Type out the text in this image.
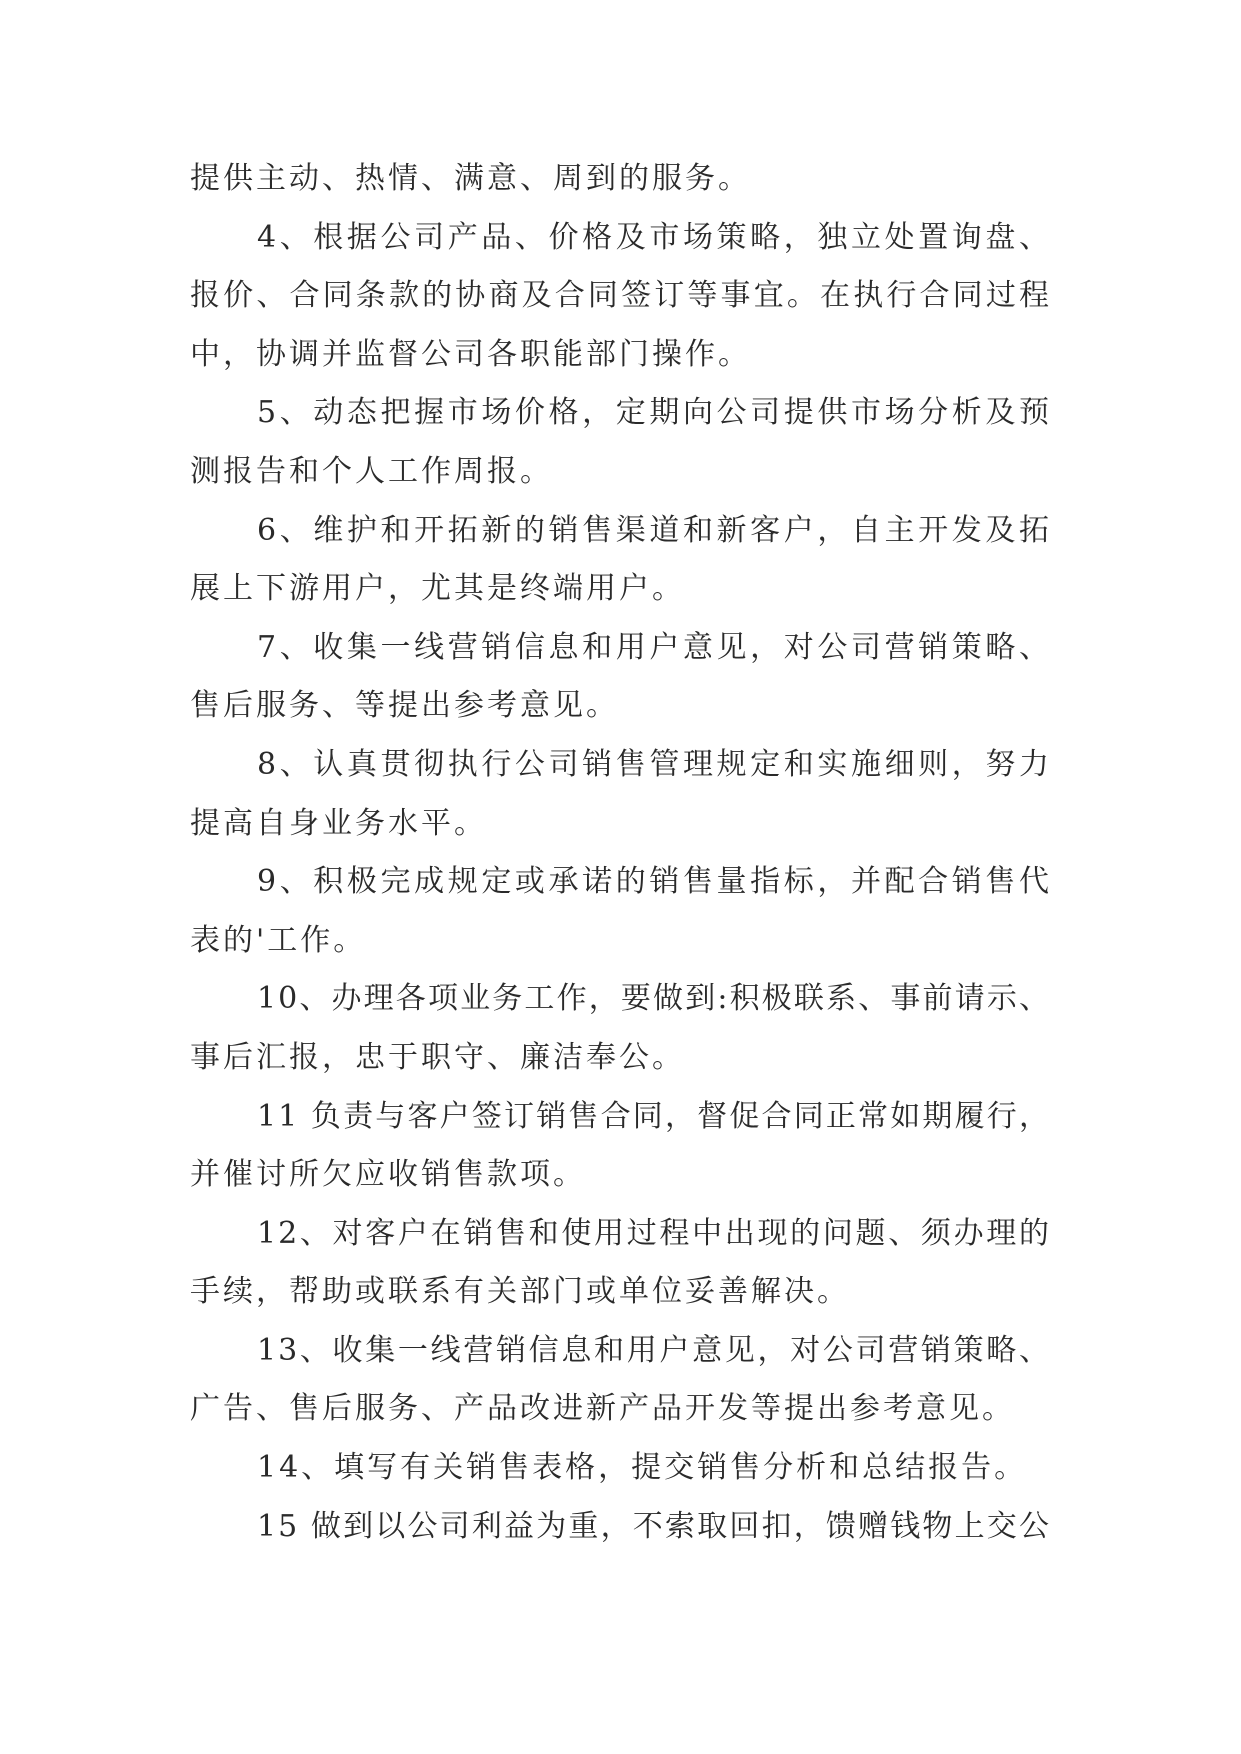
提供主动、热情、满意、周到的服务。
4、根据公司产品、价格及市场策略，独立处置询盘、
报价、合同条款的协商及合同签订等事宜。在执行合同过程
中，协调并监督公司各职能部门操作。
5、动态把握市场价格，定期向公司提供市场分析及预
测报告和个人工作周报。
6、维护和开拓新的销售渠道和新客户，自主开发及拓
展上下游用户，尤其是终端用户。
7、收集一线营销信息和用户意见，对公司营销策略、
售后服务、等提出参考意见。
8、认真贯彻执行公司销售管理规定和实施细则，努力
提高自身业务水平。
9、积极完成规定或承诺的销售量指标，并配合销售代
表的'工作。
10、办理各项业务工作，要做到:积极联系、事前请示、
事后汇报，忠于职守、廉洁奉公。
11 负责与客户签订销售合同，督促合同正常如期履行，
并催讨所欠应收销售款项。
12、对客户在销售和使用过程中出现的问题、须办理的
手续，帮助或联系有关部门或单位妥善解决。
13、收集一线营销信息和用户意见，对公司营销策略、
广告、售后服务、产品改进新产品开发等提出参考意见。
14、填写有关销售表格，提交销售分析和总结报告。
15 做到以公司利益为重，不索取回扣，馈赠钱物上交公
